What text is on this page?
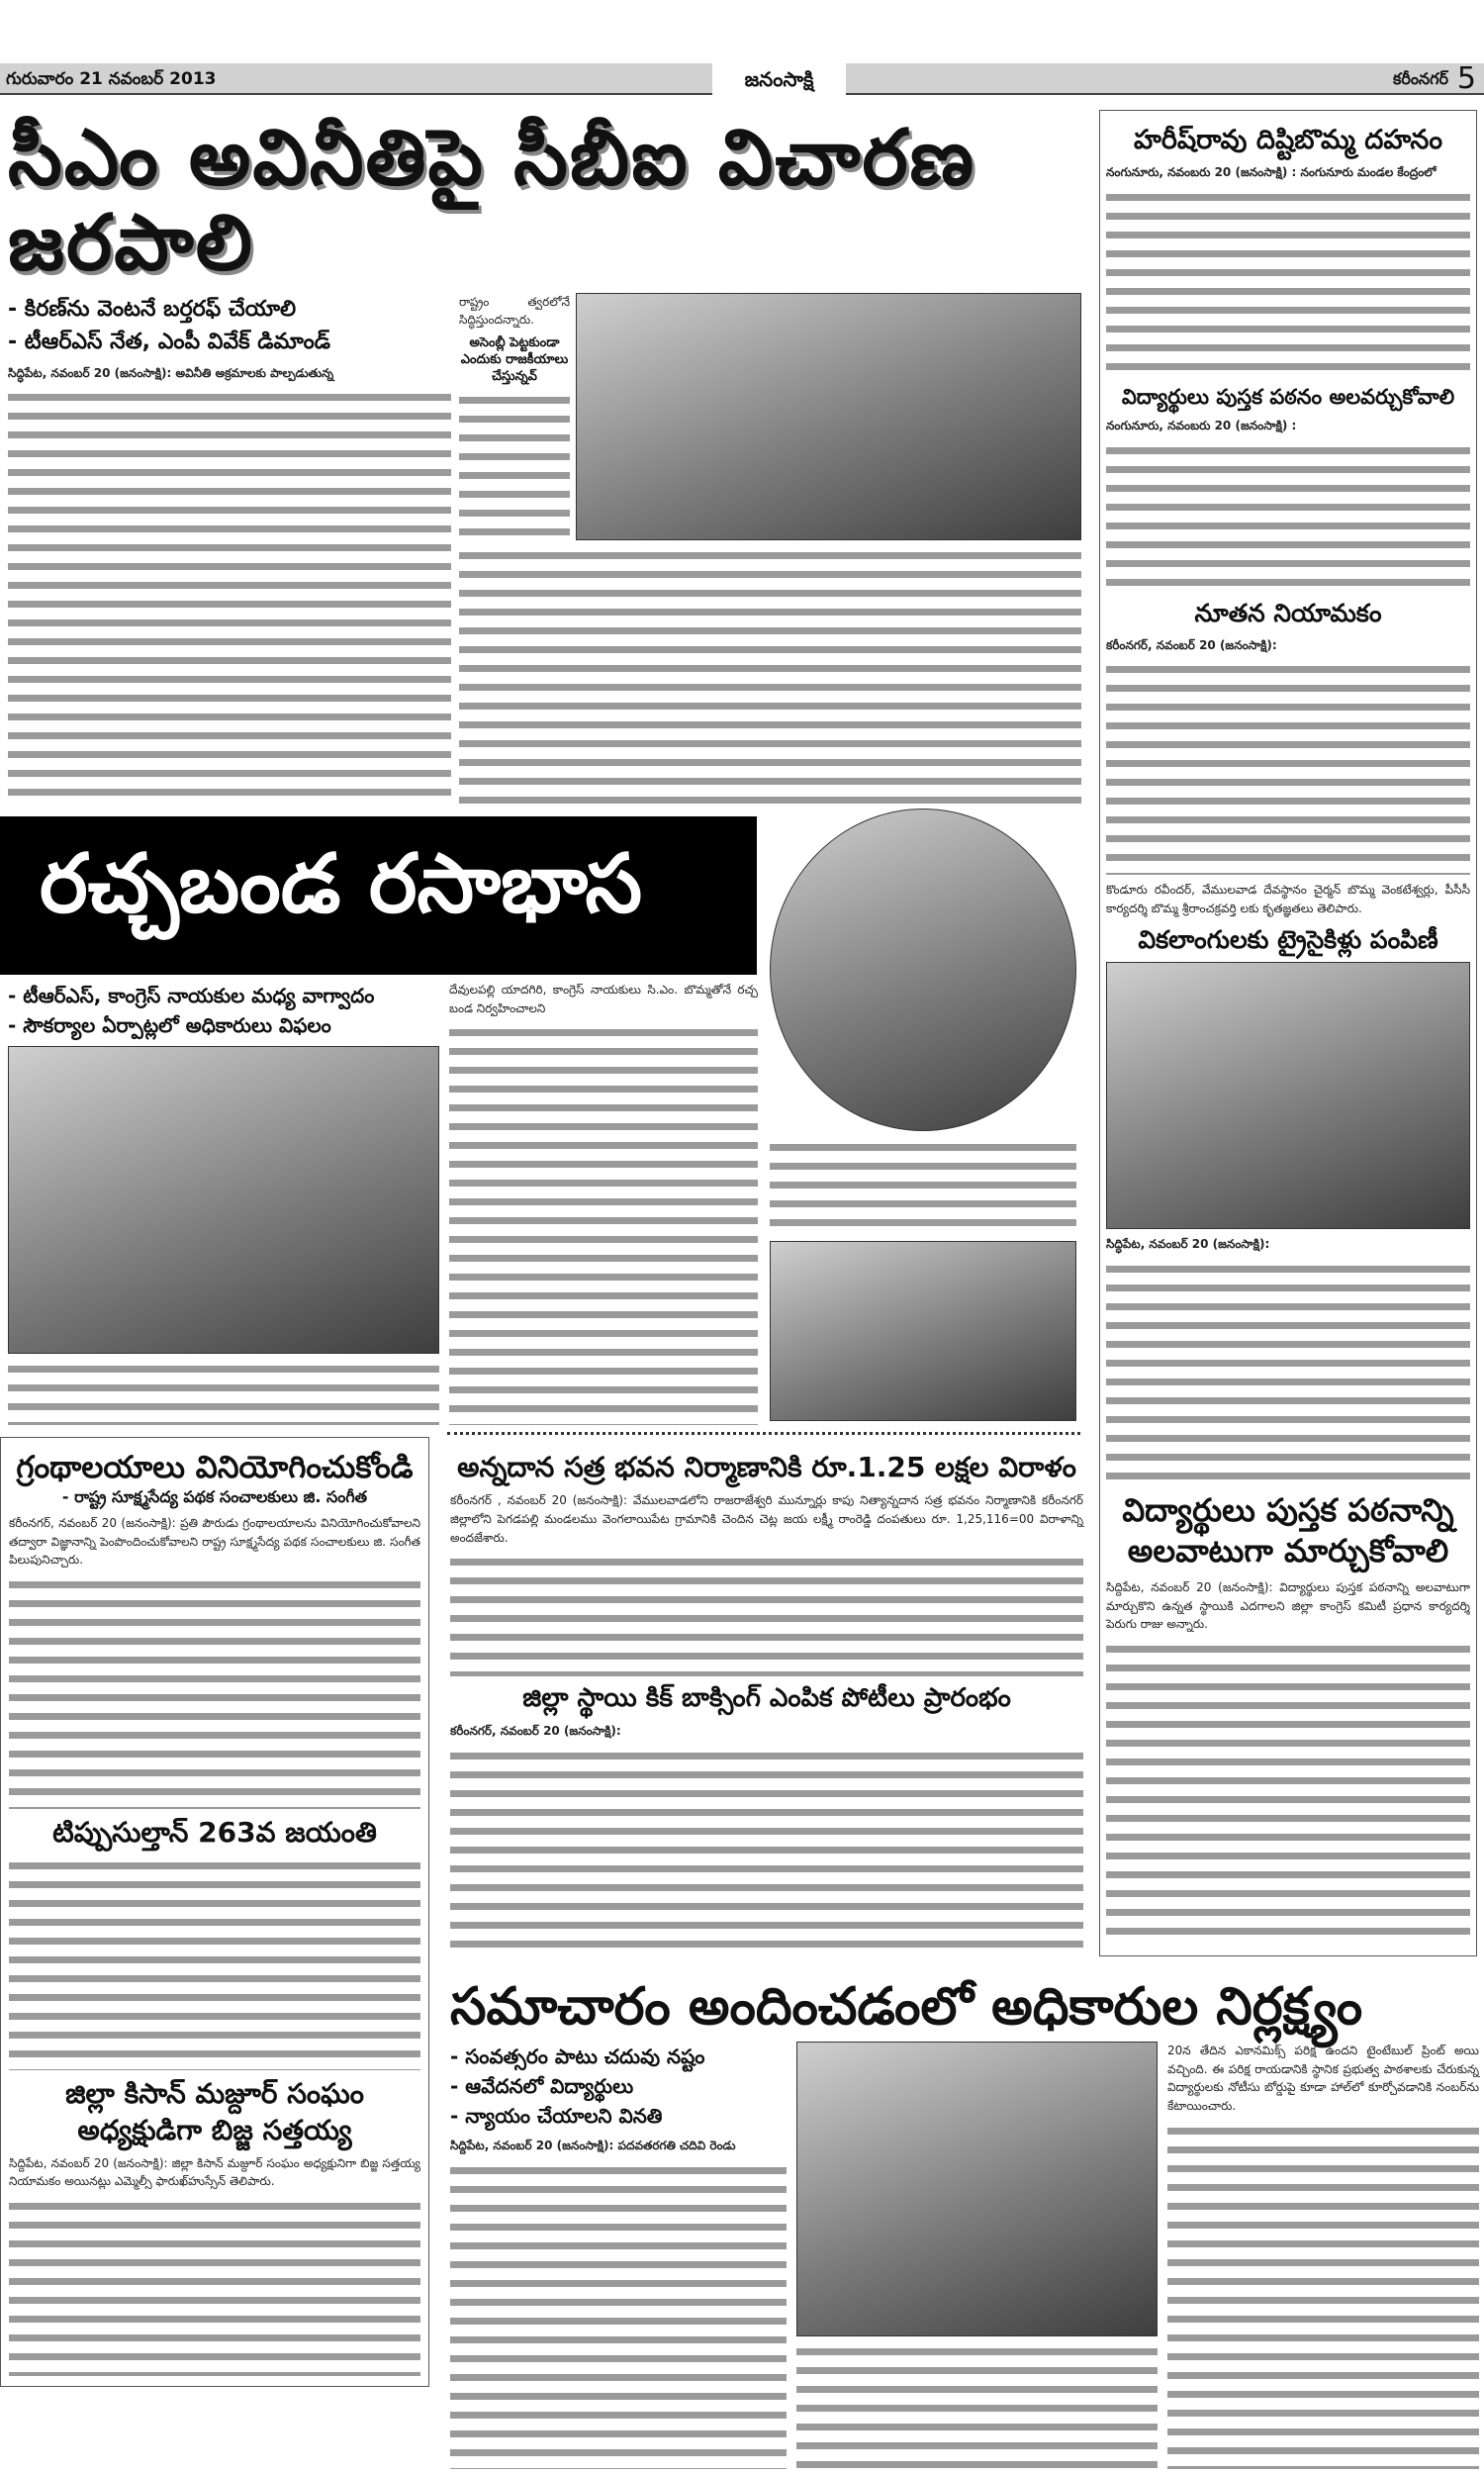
గురువారం 21 నవంబర్ 2013	జనంసాక్షి	కరీంనగర్ 5
సీఎం అవినీతిపై సీబీఐ విచారణ జరపాలి
- కిరణ్‌ను వెంటనే బర్తరఫ్ చేయాలి
- టీఆర్ఎస్ నేత, ఎంపీ వివేక్ డిమాండ్
సిద్ధిపేట, నవంబర్ 20 (జనంసాక్షి): అవినీతి అక్రమాలకు పాల్పడుతున్న
రాష్ట్రం త్వరలోనే సిద్ధిస్తుందన్నారు.
అసెంబ్లీ పెట్టకుండా ఎందుకు రాజకీయాలు చేస్తున్నవ్
రచ్చబండ రసాభాస
- టీఆర్ఎస్, కాంగ్రెస్ నాయకుల మధ్య వాగ్వాదం
- సౌకర్యాల ఏర్పాట్లలో అధికారులు విఫలం
దేవులపల్లి యాదగిరి, కాంగ్రెస్ నాయకులు సి.ఎం. బొమ్మతోనే రచ్చ బండ నిర్వహించాలని
గ్రంథాలయాలు వినియోగించుకోండి
- రాష్ట్ర సూక్ష్మసేద్య పథక సంచాలకులు జి. సంగీత
కరీంనగర్, నవంబర్ 20 (జనంసాక్షి): ప్రతి పౌరుడు గ్రంథాలయాలను వినియోగించుకోవాలని తద్వారా విజ్ఞానాన్ని పెంపొందించుకోవాలని రాష్ట్ర సూక్ష్మసేద్య పథక సంచాలకులు జి. సంగీత పిలుపునిచ్చారు.
టిప్పుసుల్తాన్ 263వ జయంతి
జిల్లా కిసాన్ మజ్దూర్ సంఘం అధ్యక్షుడిగా బిజ్జ సత్తయ్య
సిద్దిపేట, నవంబర్ 20 (జనంసాక్షి): జిల్లా కిసాన్ మజ్దూర్ సంఘం అధ్యక్షునిగా బిజ్జ సత్తయ్య నియామకం అయినట్లు ఎమ్మెల్సీ ఫారుఖ్‌హుస్సేన్ తెలిపారు.
అన్నదాన సత్ర భవన నిర్మాణానికి రూ.1.25 లక్షల విరాళం
కరీంనగర్ , నవంబర్ 20 (జనంసాక్షి): వేములవాడలోని రాజరాజేశ్వరి మున్నూర్లు కాపు నిత్యాన్నదాన సత్ర భవనం నిర్మాణానికి కరీంనగర్ జిల్లాలోని పెగడపల్లి మండలము వెంగలాయిపేట గ్రామానికి చెందిన చెట్ల జయ లక్ష్మీ రాంరెడ్డి దంపతులు రూ. 1,25,116=00 విరాళాన్ని అందజేశారు.
జిల్లా స్థాయి కిక్ బాక్సింగ్ ఎంపిక పోటీలు ప్రారంభం
కరీంనగర్, నవంబర్ 20 (జనంసాక్షి):
హరీష్‌రావు దిష్టిబొమ్మ దహనం
నంగునూరు, నవంబరు 20 (జనంసాక్షి) : నంగునూరు మండల కేంద్రంలో
విద్యార్థులు పుస్తక పఠనం అలవర్చుకోవాలి
నంగునూరు, నవంబరు 20 (జనంసాక్షి) :
నూతన నియామకం
కరీంనగర్, నవంబర్ 20 (జనంసాక్షి):
కొండూరు రవీందర్, వేములవాడ దేవస్థానం చైర్మన్ బొమ్మ వెంకటేశ్వర్లు, పీసీసీ కార్యదర్శి బొమ్మ శ్రీరాంచక్రవర్తి లకు కృతజ్ఞతలు తెలిపారు.
వికలాంగులకు ట్రైసైకిళ్లు పంపిణీ
సిద్ధిపేట, నవంబర్ 20 (జనంసాక్షి):
విద్యార్థులు పుస్తక పఠనాన్ని అలవాటుగా మార్చుకోవాలి
సిద్దిపేట, నవంబర్ 20 (జనంసాక్షి): విద్యార్థులు పుస్తక పఠనాన్ని అలవాటుగా మార్చుకొని ఉన్నత స్థాయికి ఎదగాలని జిల్లా కాంగ్రెస్ కమిటీ ప్రధాన కార్యదర్శి పెరుగు రాజు అన్నారు.
సమాచారం అందించడంలో అధికారుల నిర్లక్ష్యం
- సంవత్సరం పాటు చదువు నష్టం
- ఆవేదనలో విద్యార్థులు
- న్యాయం చేయాలని వినతి
సిద్దిపేట, నవంబర్ 20 (జనంసాక్షి): పదవతరగతి చదివి రెండు
20న తేదిన ఎకానమిక్స్ పరిక్ష ఉందని టైంటేబుల్ ప్రింట్ అయి వచ్చింది. ఈ పరిక్ష రాయడానికి స్థానిక ప్రభుత్వ పాఠశాలకు చేరుకున్న విద్యార్థులకు నోటీసు బోర్డుపై కూడా హాల్‌లో కూర్చోవడానికి నంబర్‌ను కేటాయించారు.
